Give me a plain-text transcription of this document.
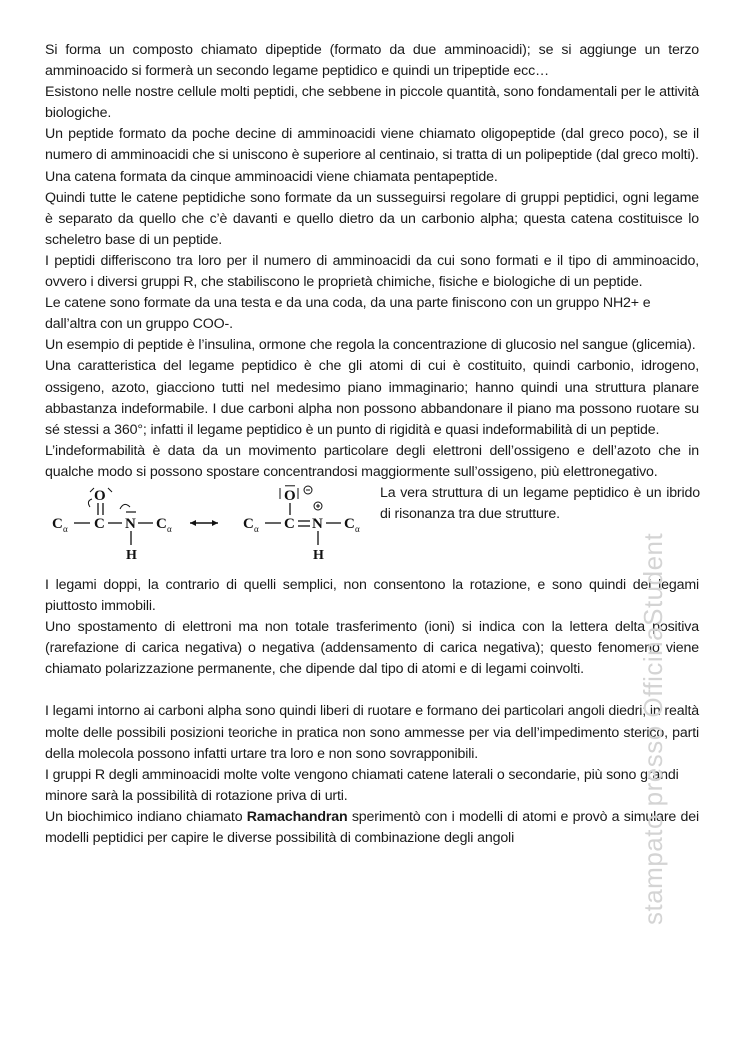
Si forma un composto chiamato dipeptide (formato da due amminoacidi); se si aggiunge un terzo amminoacido si formerà un secondo legame peptidico e quindi un tripeptide ecc…

Esistono nelle nostre cellule molti peptidi, che sebbene in piccole quantità, sono fondamentali per le attività biologiche.

Un peptide formato da poche decine di amminoacidi viene chiamato oligopeptide (dal greco poco), se il numero di amminoacidi che si uniscono è superiore al centinaio, si tratta di un polipeptide (dal greco molti).

Una catena formata da cinque amminoacidi viene chiamata pentapeptide.

Quindi tutte le catene peptidiche sono formate da un susseguirsi regolare di gruppi peptidici, ogni legame è separato da quello che c’è davanti e quello dietro da un carbonio alpha; questa catena costituisce lo scheletro base di un peptide.

I peptidi differiscono tra loro per il numero di amminoacidi da cui sono formati e il tipo di amminoacido, ovvero i diversi gruppi R, che stabiliscono le proprietà chimiche, fisiche e biologiche di un peptide.

Le catene sono formate da una testa e da una coda, da una parte finiscono con un gruppo NH2+ e dall’altra con un gruppo COO-.

Un esempio di peptide è l’insulina, ormone che regola la concentrazione di glucosio nel sangue (glicemia).

Una caratteristica del legame peptidico è che gli atomi di cui è costituito, quindi carbonio, idrogeno, ossigeno, azoto, giacciono tutti nel medesimo piano immaginario; hanno quindi una struttura planare abbastanza indeformabile. I due carboni alpha non possono abbandonare il piano ma possono ruotare su sé stessi a 360°; infatti il legame peptidico è un punto di rigidità e quasi indeformabilità di un peptide.

L’indeformabilità è data da un movimento particolare degli elettroni dell’ossigeno e dell’azoto che in qualche modo si possono spostare concentrandosi maggiormente sull’ossigeno, più elettronegativo.

C α C
O
N C α
H
C α C
O
N C α
H

La vera struttura di un legame peptidico è un ibrido di risonanza tra due strutture.

I legami doppi, la contrario di quelli semplici, non consentono la rotazione, e sono quindi dei legami piuttosto immobili.

Uno spostamento di elettroni ma non totale trasferimento (ioni) si indica con la lettera delta positiva (rarefazione di carica negativa) o negativa (addensamento di carica negativa); questo fenomeno viene chiamato polarizzazione permanente, che dipende dal tipo di atomi e di legami coinvolti.

I legami intorno ai carboni alpha sono quindi liberi di ruotare e formano dei particolari angoli diedri; in realtà molte delle possibili posizioni teoriche in pratica non sono ammesse per via dell’impedimento sterico, parti della molecola possono infatti urtare tra loro e non sono sovrapponibili.

I gruppi R degli amminoacidi molte volte vengono chiamati catene laterali o secondarie, più sono grandi minore sarà la possibilità di rotazione priva di urti.

Un biochimico indiano chiamato Ramachandran sperimentò con i modelli di atomi e provò a simulare dei modelli peptidici per capire le diverse possibilità di combinazione degli angoli	stampato presso OfficinaStudent
